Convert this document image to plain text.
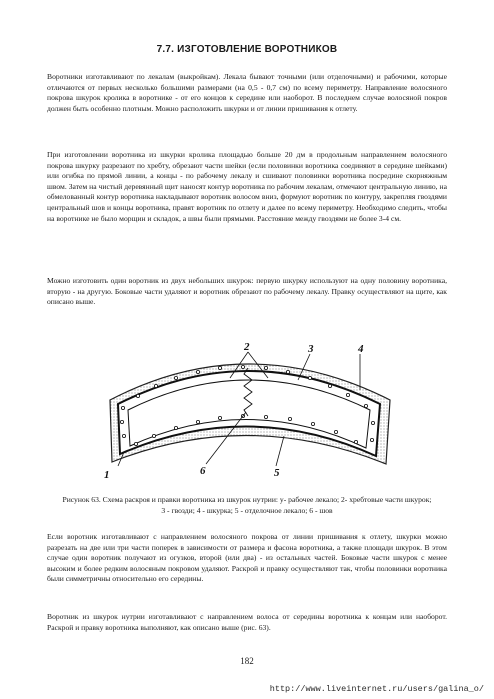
7.7. ИЗГОТОВЛЕНИЕ ВОРОТНИКОВ

Воротники изготавливают по лекалам (выкройкам). Лекала бывают точными (или отделочными) и рабочими, которые отличаются от первых несколько большими размерами (на 0,5 - 0,7 см) по всему периметру. Направление волосяного покрова шкурок кролика в воротнике - от его концов к середине или наоборот. В последнем случае волосяной покров должен быть особенно плотным. Можно расположить шкурки и от линии пришивания к отлету.

При изготовлении воротника из шкурки кролика площадью больше 20 дм в продольным направлением волосяного покрова шкурку разрезают по хребту, обрезают части шейки (если половинки воротника соединяют в середине шейками) или огибка по прямой линии, а концы - по рабочему лекалу и сшивают половинки воротника посредине скорняжным швом. Затем на чистый деревянный щит наносят контур воротника по рабочим лекалам, отмечают центральную линию, на обмелованный контур воротника накладывают воротник волосом вниз, формуют воротник по контуру, закрепляя гвоздями центральный шов и концы воротника, правят воротник по отлету и далее по всему периметру. Необходимо следить, чтобы на воротнике не было морщин и складок, а швы были прямыми. Расстояние между гвоздями не более 3-4 см.

Можно изготовить один воротник из двух небольших шкурок: первую шкурку используют на одну половину воротника, вторую - на другую. Боковые части удаляют и воротник обрезают по рабочему лекалу. Правку осуществляют на щите, как описано выше.

1
2	3	4
5
6

Рисунок 63. Схема раскроя и правки воротника из шкурок нутрии: у- рабочее лекало; 2- хребтовые части шкурок; 3 - гвозди; 4 - шкурка; 5 - отделочное лекало; 6 - шов

Если воротник изготавливают с направлением волосяного покрова от линии пришивания к отлету, шкурки можно разрезать на две или три части поперек в зависимости от размера и фасона воротника, а также площади шкурок. В этом случае один воротник получают из огузков, второй (или два) - из остальных частей. Боковые части шкурок с менее высоким и более редким волосяным покровом удаляют. Раскрой и правку осуществляют так, чтобы половинки воротника были симметричны относительно его середины.

Воротник из шкурок нутрии изготавливают с направлением волоса от середины воротника к концам или наоборот. Раскрой и правку воротника выполняют, как описано выше (рис. 63).

182
http://www.liveinternet.ru/users/galina_o/
